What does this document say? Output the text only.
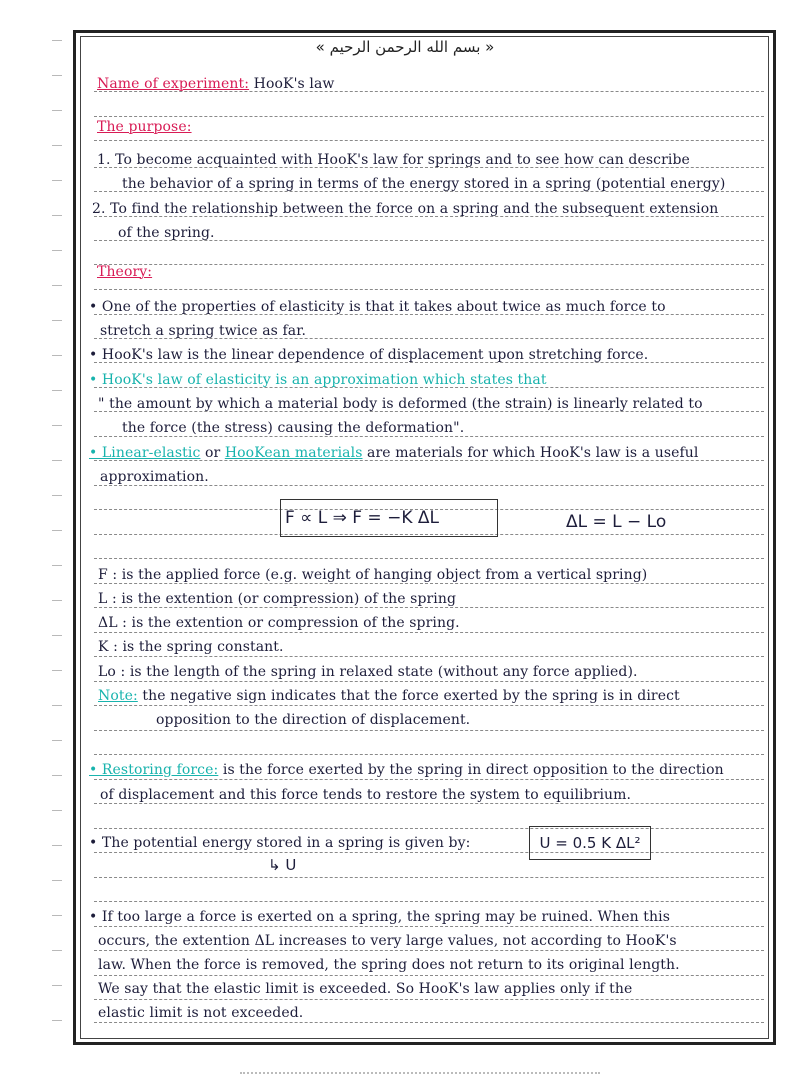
« بسم الله الرحمن الرحيم »
Name of experiment: HooK's law
The purpose:
1. To become acquainted with HooK's law for springs and to see how can describe
the behavior of a spring in terms of the energy stored in a spring (potential energy)
2. To find the relationship between the force on a spring and the subsequent extension
of the spring.
Theory:
• One of the properties of elasticity is that it takes about twice as much force to
stretch a spring twice as far.
• HooK's law is the linear dependence of displacement upon stretching force.
• HooK's law of elasticity is an approximation which states that
" the amount by which a material body is deformed (the strain) is linearly related to
the force (the stress) causing the deformation".
• Linear-elastic or HooKean materials are materials for which HooK's law is a useful
approximation.
F ∝ L ⇒ F = −K ΔL	ΔL = L − Lo
F : is the applied force (e.g. weight of hanging object from a vertical spring)
L : is the extention (or compression) of the spring
ΔL : is the extention or compression of the spring.
K : is the spring constant.
Lo : is the length of the spring in relaxed state (without any force applied).
Note: the negative sign indicates that the force exerted by the spring is in direct
opposition to the direction of displacement.
• Restoring force: is the force exerted by the spring in direct opposition to the direction
of displacement and this force tends to restore the system to equilibrium.
• The potential energy stored in a spring is given by:	U = 0.5 K ΔL²
↳ U
• If too large a force is exerted on a spring, the spring may be ruined. When this
occurs, the extention ΔL increases to very large values, not according to HooK's
law. When the force is removed, the spring does not return to its original length.
We say that the elastic limit is exceeded. So HooK's law applies only if the
elastic limit is not exceeded.
